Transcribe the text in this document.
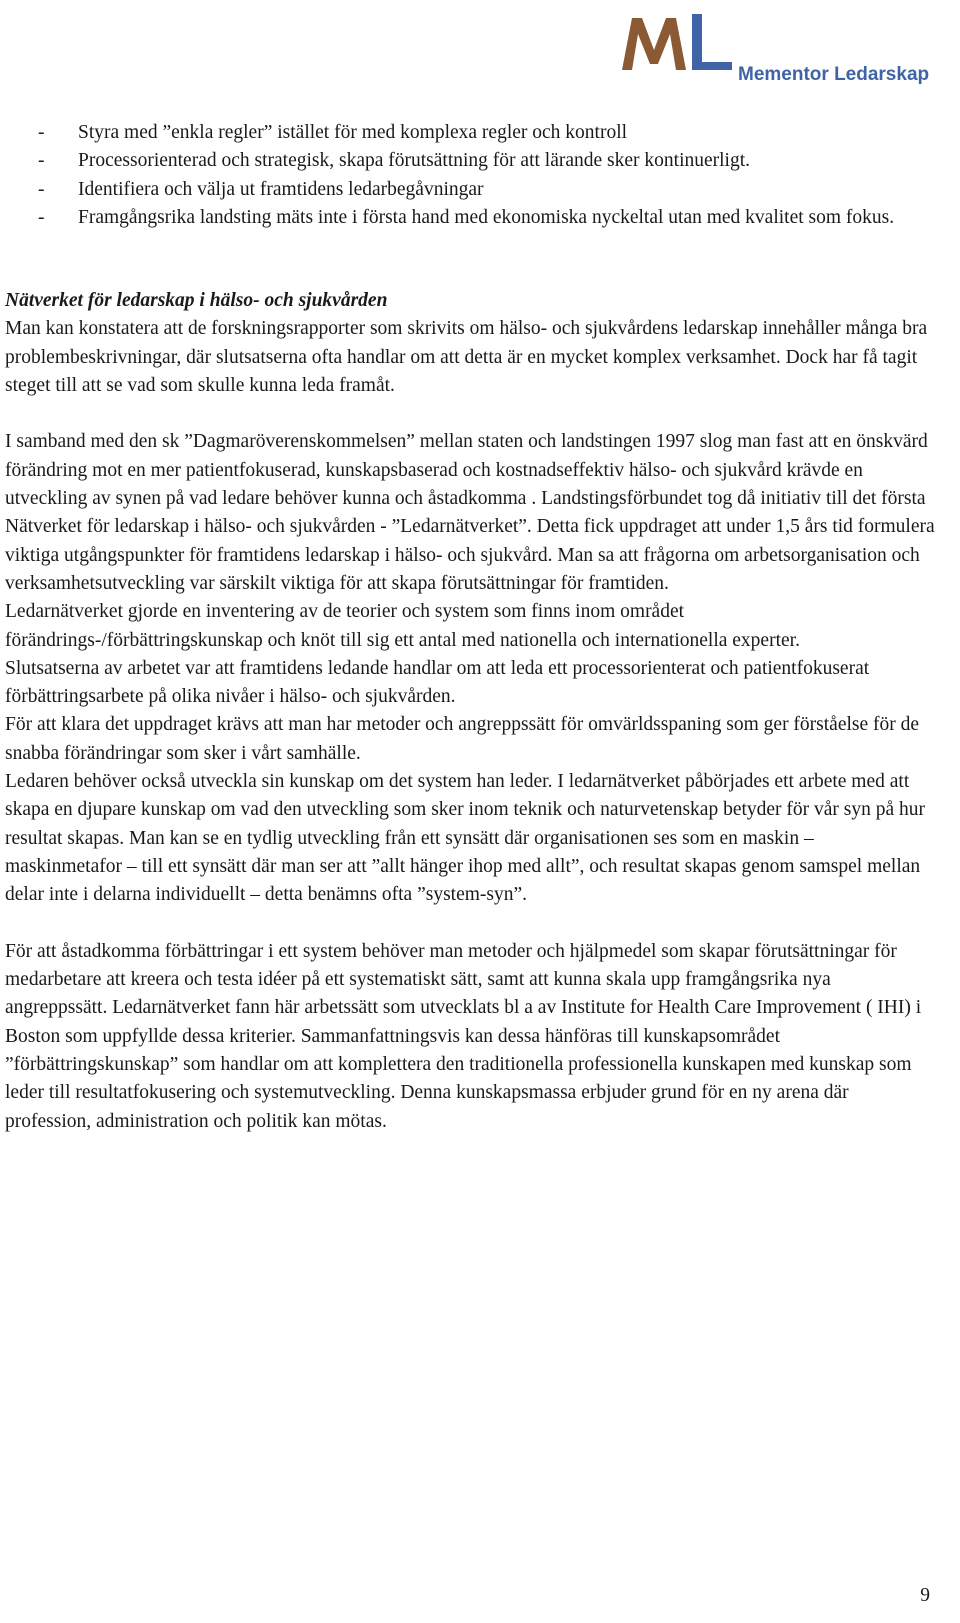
Mementor Ledarskap
- Styra med ”enkla regler” istället för med komplexa regler och kontroll
- Processorienterad och strategisk, skapa förutsättning för att lärande sker kontinuerligt.
- Identifiera och välja ut framtidens ledarbegåvningar
- Framgångsrika landsting mäts inte i första hand med ekonomiska nyckeltal utan med kvalitet som fokus.
Nätverket för ledarskap i hälso- och sjukvården

Man kan konstatera att de forskningsrapporter som skrivits om hälso- och sjukvårdens ledarskap innehåller många bra problembeskrivningar, där slutsatserna ofta handlar om att detta är en mycket komplex verksamhet. Dock har få tagit steget till att se vad som skulle kunna leda framåt.

I samband med den sk ”Dagmaröverenskommelsen” mellan staten och landstingen 1997 slog man fast att en önskvärd förändring mot en mer patientfokuserad, kunskapsbaserad och kostnadseffektiv hälso- och sjukvård krävde en utveckling av synen på vad ledare behöver kunna och åstadkomma . Landstingsförbundet tog då initiativ till det första Nätverket för ledarskap i hälso- och sjukvården - ”Ledarnätverket”. Detta fick uppdraget att under 1,5 års tid formulera viktiga utgångspunkter för framtidens ledarskap i hälso- och sjukvård. Man sa att frågorna om arbetsorganisation och verksamhetsutveckling var särskilt viktiga för att skapa förutsättningar för framtiden.

Ledarnätverket gjorde en inventering av de teorier och system som finns inom området förändrings-/förbättringskunskap och knöt till sig ett antal med nationella och internationella experter.

Slutsatserna av arbetet var att framtidens ledande handlar om att leda ett processorienterat och patientfokuserat förbättringsarbete på olika nivåer i hälso- och sjukvården.

För att klara det uppdraget krävs att man har metoder och angreppssätt för omvärldsspaning som ger förståelse för de snabba förändringar som sker i vårt samhälle.

Ledaren behöver också utveckla sin kunskap om det system han leder. I ledarnätverket påbörjades ett arbete med att skapa en djupare kunskap om vad den utveckling som sker inom teknik och naturvetenskap betyder för vår syn på hur resultat skapas. Man kan se en tydlig utveckling från ett synsätt där organisationen ses som en maskin – maskinmetafor – till ett synsätt där man ser att ”allt hänger ihop med allt”, och resultat skapas genom samspel mellan delar inte i delarna individuellt – detta benämns ofta ”system-syn”.

För att åstadkomma förbättringar i ett system behöver man metoder och hjälpmedel som skapar förutsättningar för medarbetare att kreera och testa idéer på ett systematiskt sätt, samt att kunna skala upp framgångsrika nya angreppssätt. Ledarnätverket fann här arbetssätt som utvecklats bl a av Institute for Health Care Improvement ( IHI) i Boston som uppfyllde dessa kriterier. Sammanfattningsvis kan dessa hänföras till kunskapsområdet ”förbättringskunskap” som handlar om att komplettera den traditionella professionella kunskapen med kunskap som leder till resultatfokusering och systemutveckling. Denna kunskapsmassa erbjuder grund för en ny arena där profession, administration och politik kan mötas.

9
